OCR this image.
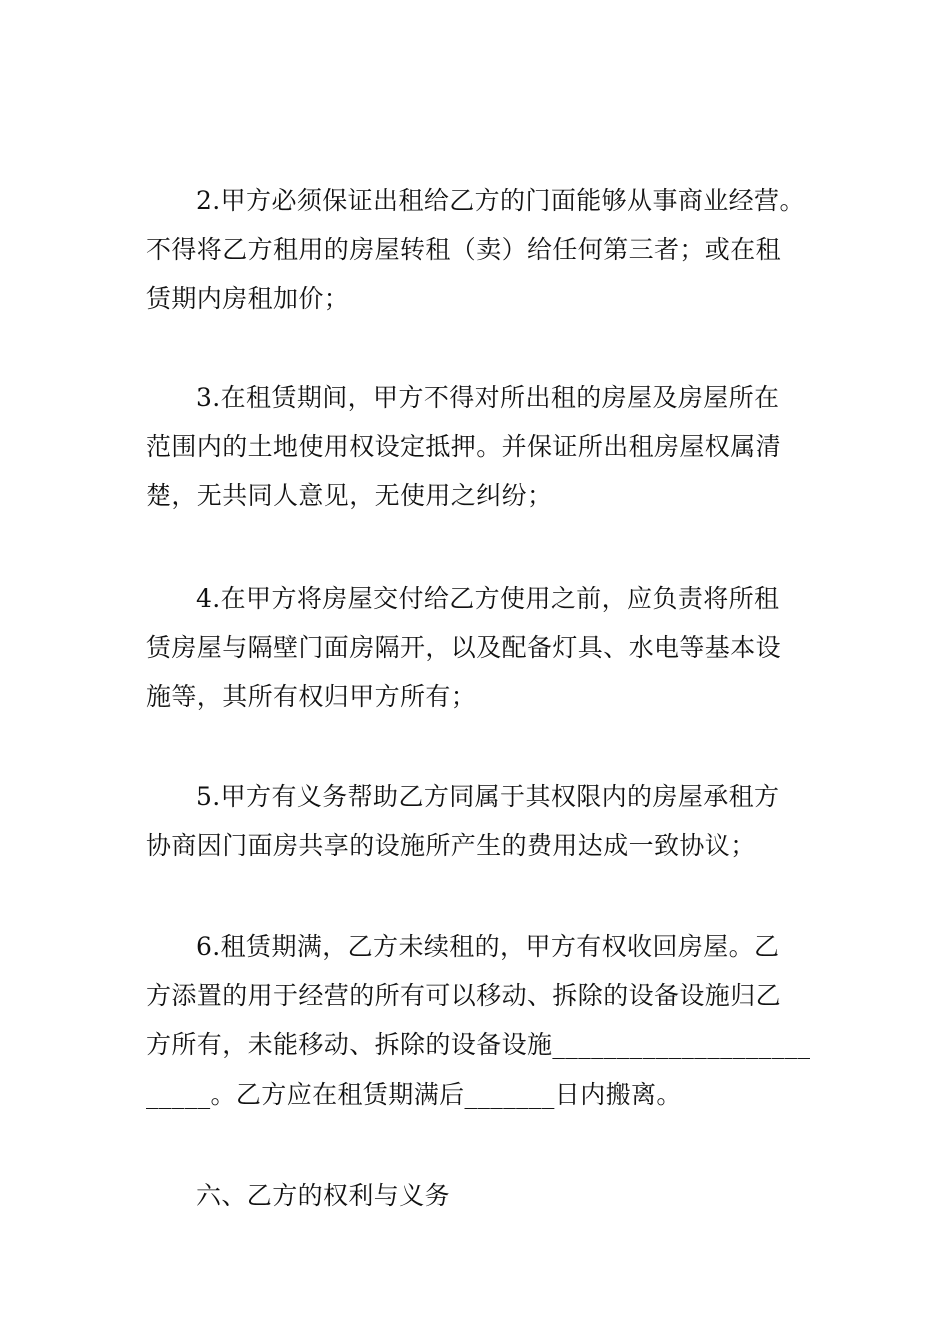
2.甲方必须保证出租给乙方的门面能够从事商业经营。
不得将乙方租用的房屋转租（卖）给任何第三者；或在租
赁期内房租加价；
3.在租赁期间，甲方不得对所出租的房屋及房屋所在
范围内的土地使用权设定抵押。并保证所出租房屋权属清
楚，无共同人意见，无使用之纠纷；
4.在甲方将房屋交付给乙方使用之前，应负责将所租
赁房屋与隔壁门面房隔开，以及配备灯具、水电等基本设
施等，其所有权归甲方所有；
5.甲方有义务帮助乙方同属于其权限内的房屋承租方
协商因门面房共享的设施所产生的费用达成一致协议；
6.租赁期满，乙方未续租的，甲方有权收回房屋。乙
方添置的用于经营的所有可以移动、拆除的设备设施归乙
方所有，未能移动、拆除的设备设施____________________
_____。乙方应在租赁期满后_______日内搬离。
六、乙方的权利与义务
